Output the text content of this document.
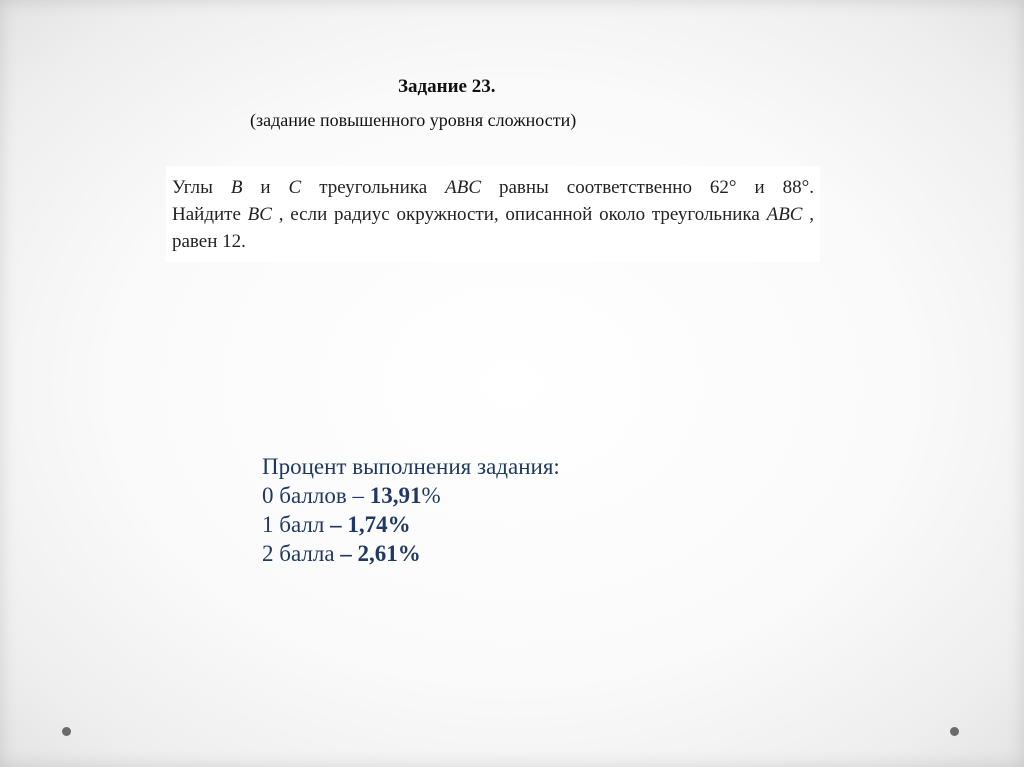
Задание 23.
(задание повышенного уровня сложности)
Углы B и C треугольника ABC равны соответственно 62° и 88°.
Найдите BC , если радиус окружности, описанной около треугольника ABC ,
равен 12.
Процент выполнения задания:
0 баллов – 13,91%
1 балл – 1,74%
2 балла – 2,61%
